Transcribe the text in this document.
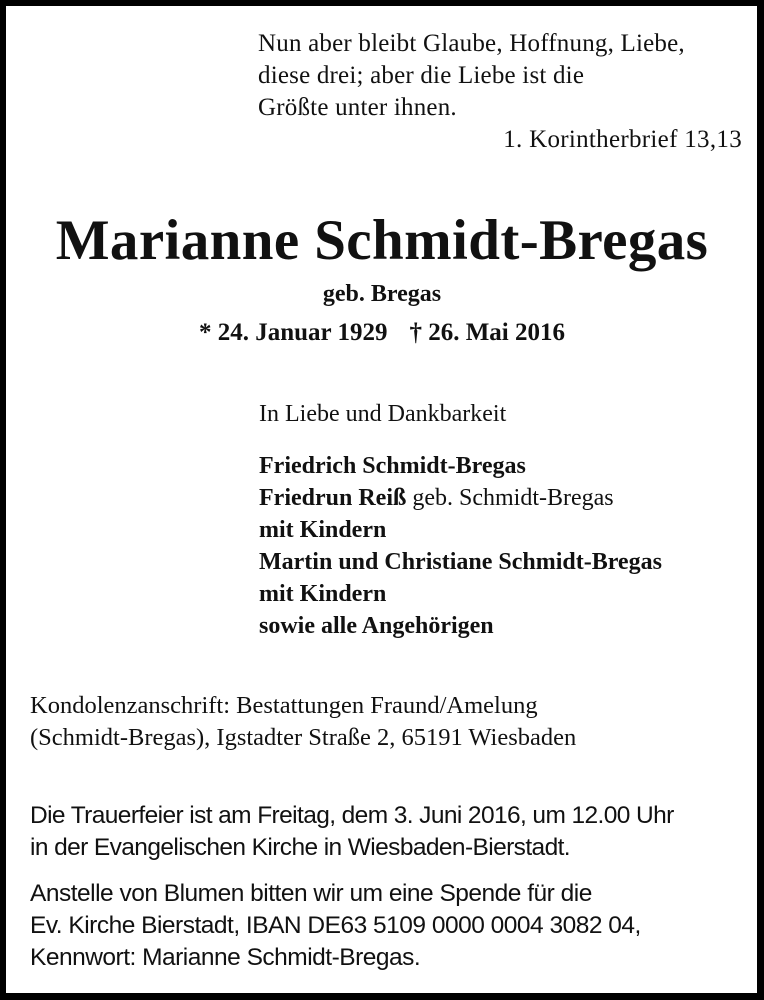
Nun aber bleibt Glaube, Hoffnung, Liebe,
diese drei; aber die Liebe ist die
Größte unter ihnen.
1. Korintherbrief 13,13
Marianne Schmidt-Bregas
geb. Bregas
* 24. Januar 1929 † 26. Mai 2016
In Liebe und Dankbarkeit
Friedrich Schmidt-Bregas
Friedrun Reiß geb. Schmidt-Bregas
mit Kindern
Martin und Christiane Schmidt-Bregas
mit Kindern
sowie alle Angehörigen
Kondolenzanschrift: Bestattungen Fraund/Amelung
(Schmidt-Bregas), Igstadter Straße 2, 65191 Wiesbaden
Die Trauerfeier ist am Freitag, dem 3. Juni 2016, um 12.00 Uhr
in der Evangelischen Kirche in Wiesbaden-Bierstadt.
Anstelle von Blumen bitten wir um eine Spende für die
Ev. Kirche Bierstadt, IBAN DE63 5109 0000 0004 3082 04,
Kennwort: Marianne Schmidt-Bregas.
